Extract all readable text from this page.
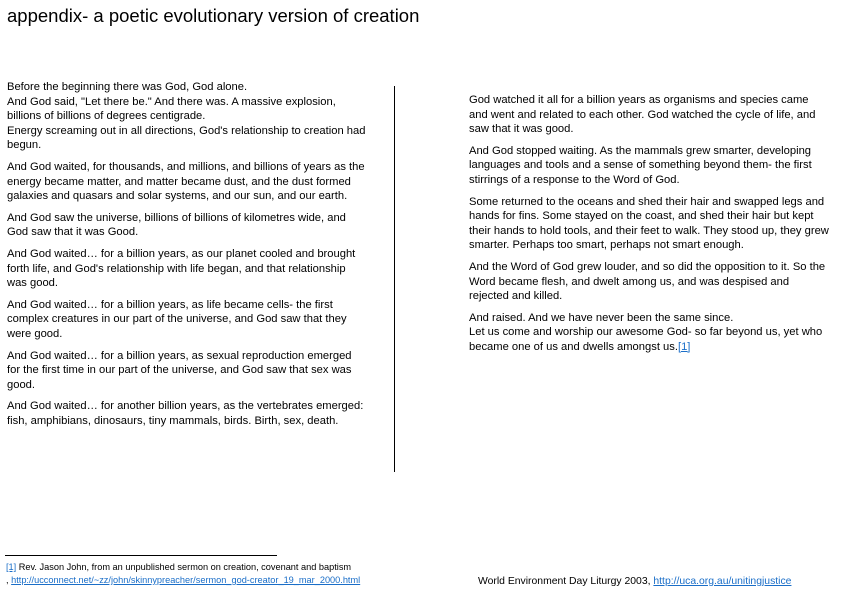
appendix- a poetic evolutionary version of creation

Before the beginning there was God, God alone.
And God said, "Let there be." And there was. A massive explosion, billions of billions of degrees centigrade.
Energy screaming out in all directions, God's relationship to creation had begun.

And God waited, for thousands, and millions, and billions of years as the energy became matter, and matter became dust, and the dust formed galaxies and quasars and solar systems, and our sun, and our earth.

And God saw the universe, billions of billions of kilometres wide, and God saw that it was Good.

And God waited… for a billion years, as our planet cooled and brought forth life, and God's relationship with life began, and that relationship was good.

And God waited… for a billion years, as life became cells- the first complex creatures in our part of the universe, and God saw that they were good.

And God waited… for a billion years, as sexual reproduction emerged for the first time in our part of the universe, and God saw that sex was good.

And God waited… for another billion years, as the vertebrates emerged: fish, amphibians, dinosaurs, tiny mammals, birds. Birth, sex, death.

God watched it all for a billion years as organisms and species came and went and related to each other. God watched the cycle of life, and saw that it was good.

And God stopped waiting. As the mammals grew smarter, developing languages and tools and a sense of something beyond them- the first stirrings of a response to the Word of God.

Some returned to the oceans and shed their hair and swapped legs and hands for fins. Some stayed on the coast, and shed their hair but kept their hands to hold tools, and their feet to walk. They stood up, they grew smarter. Perhaps too smart, perhaps not smart enough.

And the Word of God grew louder, and so did the opposition to it. So the Word became flesh, and dwelt among us, and was despised and rejected and killed.

And raised. And we have never been the same since.
Let us come and worship our awesome God- so far beyond us, yet who became one of us and dwells amongst us.[1]

[1] Rev. Jason John, from an unpublished sermon on creation, covenant and baptism
, http://ucconnect.net/~zz/john/skinnypreacher/sermon_god-creator_19_mar_2000.html	World Environment Day Liturgy 2003, http://uca.org.au/unitingjustice
